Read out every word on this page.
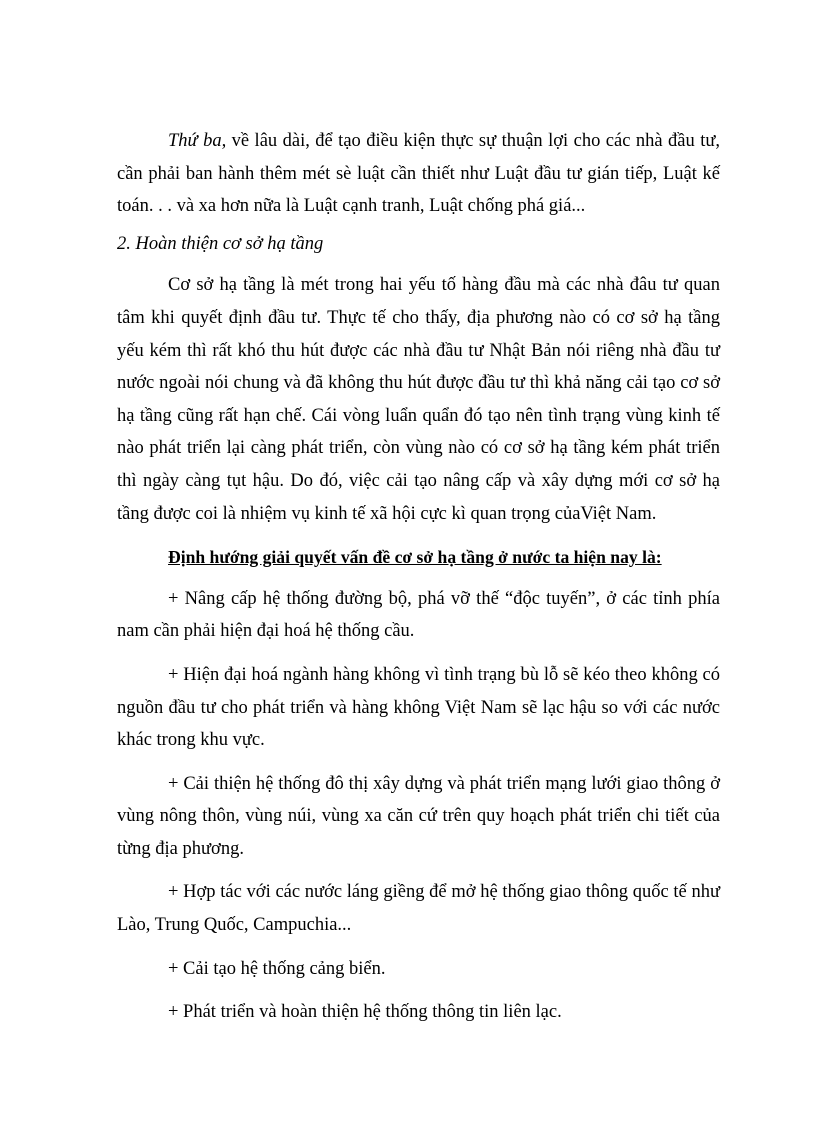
Thứ ba, về lâu dài, để tạo điều kiện thực sự thuận lợi cho các nhà đầu tư, cần phải ban hành thêm mét sè luật cần thiết như Luật đầu tư gián tiếp, Luật kế toán. . . và xa hơn nữa là Luật cạnh tranh, Luật chống phá giá...

2. Hoàn thiện cơ sở hạ tầng

Cơ sở hạ tầng là mét trong hai yếu tố hàng đầu mà các nhà đâu tư quan tâm khi quyết định đầu tư. Thực tế cho thấy, địa phương nào có cơ sở hạ tầng yếu kém thì rất khó thu hút được các nhà đầu tư Nhật Bản nói riêng nhà đầu tư nước ngoài nói chung và đã không thu hút được đầu tư thì khả năng cải tạo cơ sở hạ tầng cũng rất hạn chế. Cái vòng luẩn quẩn đó tạo nên tình trạng vùng kinh tế nào phát triển lại càng phát triển, còn vùng nào có cơ sở hạ tầng kém phát triển thì ngày càng tụt hậu. Do đó, việc cải tạo nâng cấp và xây dựng mới cơ sở hạ tầng được coi là nhiệm vụ kinh tế xã hội cực kì quan trọng củaViệt Nam.

Định hướng giải quyết vấn đề cơ sở hạ tầng ở nước ta hiện nay là:

+ Nâng cấp hệ thống đường bộ, phá vỡ thế “độc tuyến”, ở các tỉnh phía nam cần phải hiện đại hoá hệ thống cầu.

+ Hiện đại hoá ngành hàng không vì tình trạng bù lỗ sẽ kéo theo không có nguồn đầu tư cho phát triển và hàng không Việt Nam sẽ lạc hậu so với các nước khác trong khu vực.

+ Cải thiện hệ thống đô thị xây dựng và phát triển mạng lưới giao thông ở vùng nông thôn, vùng núi, vùng xa căn cứ trên quy hoạch phát triển chi tiết của từng địa phương.

+ Hợp tác với các nước láng giềng để mở hệ thống giao thông quốc tế như Lào, Trung Quốc, Campuchia...

+ Cải tạo hệ thống cảng biển.

+ Phát triển và hoàn thiện hệ thống thông tin liên lạc.
